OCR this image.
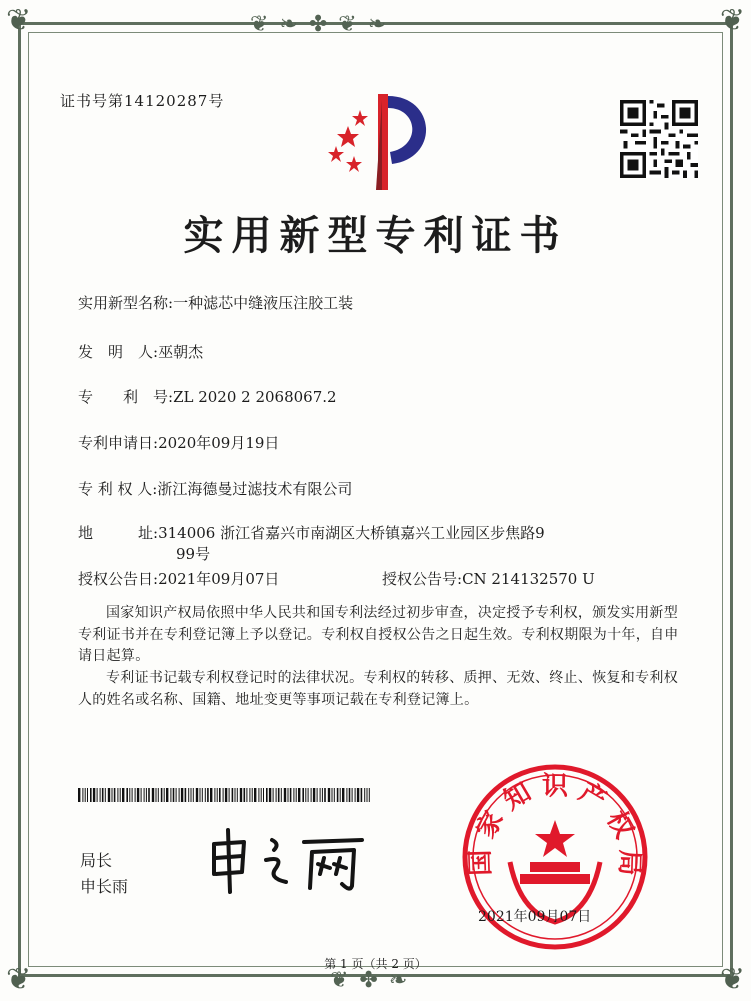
❦ ❧ ✤ ❦ ❧
❦ ✤ ❧
❦	❦
❦	❦
证书号第14120287号
实用新型专利证书
实用新型名称:一种滤芯中缝液压注胶工装
发　明　人:巫朝杰
专　　利　号:ZL 2020 2 2068067.2
专利申请日:2020年09月19日
专 利 权 人:浙江海德曼过滤技术有限公司
地　　　址:314006 浙江省嘉兴市南湖区大桥镇嘉兴工业园区步焦路9
99号
授权公告日:2021年09月07日	授权公告号:CN 214132570 U
国家知识产权局依照中华人民共和国专利法经过初步审查，决定授予专利权，颁发实用新型专利证书并在专利登记簿上予以登记。专利权自授权公告之日起生效。专利权期限为十年，自申请日起算。
专利证书记载专利权登记时的法律状况。专利权的转移、质押、无效、终止、恢复和专利权人的姓名或名称、国籍、地址变更等事项记载在专利登记簿上。
局长
申长雨
国 家 知 识 产 权 局
2021年09月07日
第 1 页（共 2 页）
